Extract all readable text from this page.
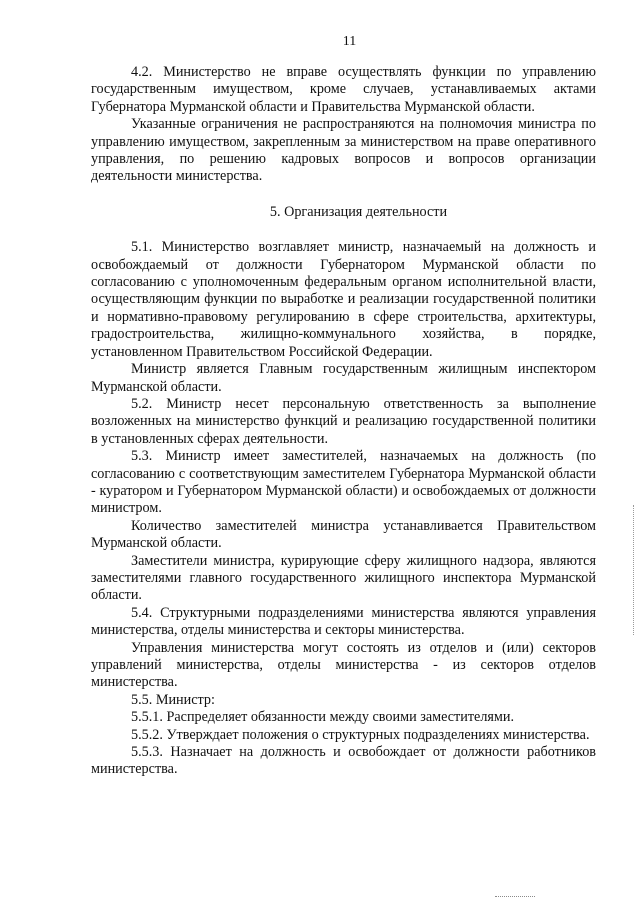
11

4.2. Министерство не вправе осуществлять функции по управлению государственным имуществом, кроме случаев, устанавливаемых актами Губернатора Мурманской области и Правительства Мурманской области.

Указанные ограничения не распространяются на полномочия министра по управлению имуществом, закрепленным за министерством на праве оперативного управления, по решению кадровых вопросов и вопросов организации деятельности министерства.

5. Организация деятельности

5.1. Министерство возглавляет министр, назначаемый на должность и освобождаемый от должности Губернатором Мурманской области по согласованию с уполномоченным федеральным органом исполнительной власти, осуществляющим функции по выработке и реализации государственной политики и нормативно-правовому регулированию в сфере строительства, архитектуры, градостроительства, жилищно-коммунального хозяйства, в порядке, установленном Правительством Российской Федерации.

Министр является Главным государственным жилищным инспектором Мурманской области.

5.2. Министр несет персональную ответственность за выполнение возложенных на министерство функций и реализацию государственной политики в установленных сферах деятельности.

5.3. Министр имеет заместителей, назначаемых на должность (по согласованию с соответствующим заместителем Губернатора Мурманской области - куратором и Губернатором Мурманской области) и освобождаемых от должности министром.

Количество заместителей министра устанавливается Правительством Мурманской области.

Заместители министра, курирующие сферу жилищного надзора, являются заместителями главного государственного жилищного инспектора Мурманской области.

5.4. Структурными подразделениями министерства являются управления министерства, отделы министерства и секторы министерства.

Управления министерства могут состоять из отделов и (или) секторов управлений министерства, отделы министерства - из секторов отделов министерства.

5.5. Министр:

5.5.1. Распределяет обязанности между своими заместителями.

5.5.2. Утверждает положения о структурных подразделениях министерства.

5.5.3. Назначает на должность и освобождает от должности работников министерства.
